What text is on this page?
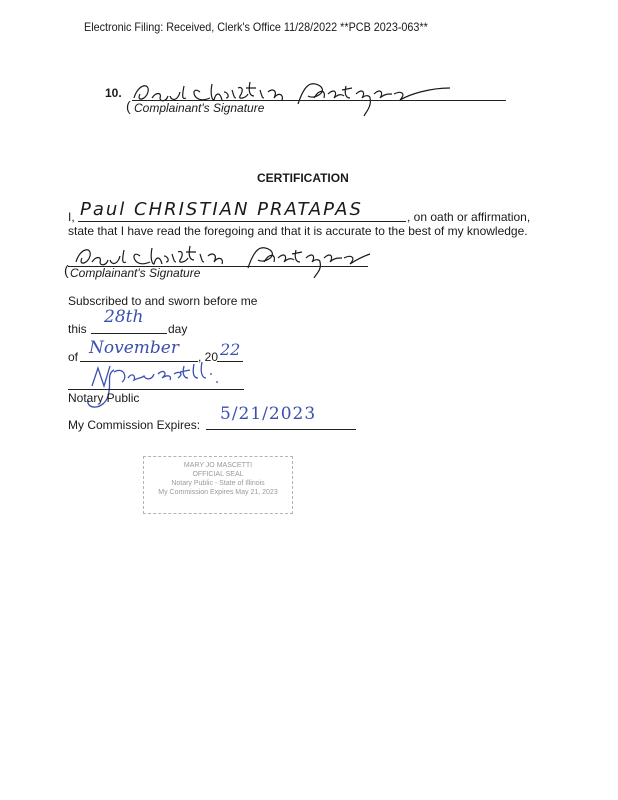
Electronic Filing: Received, Clerk's Office 11/28/2022 **PCB 2023-063**
10.
Complainant's Signature
(
CERTIFICATION
I, Paul CHRISTIAN PRATAPAS	, on oath or affirmation,
state that I have read the foregoing and that it is accurate to the best of my knowledge.
Complainant's Signature
(
Subscribed to and sworn before me
this
28th
day
of November , 20 22
Notary Public
My Commission Expires:
5/21/2023
MARY JO MASCETTI
OFFICIAL SEAL
Notary Public - State of Illinois
My Commission Expires May 21, 2023
